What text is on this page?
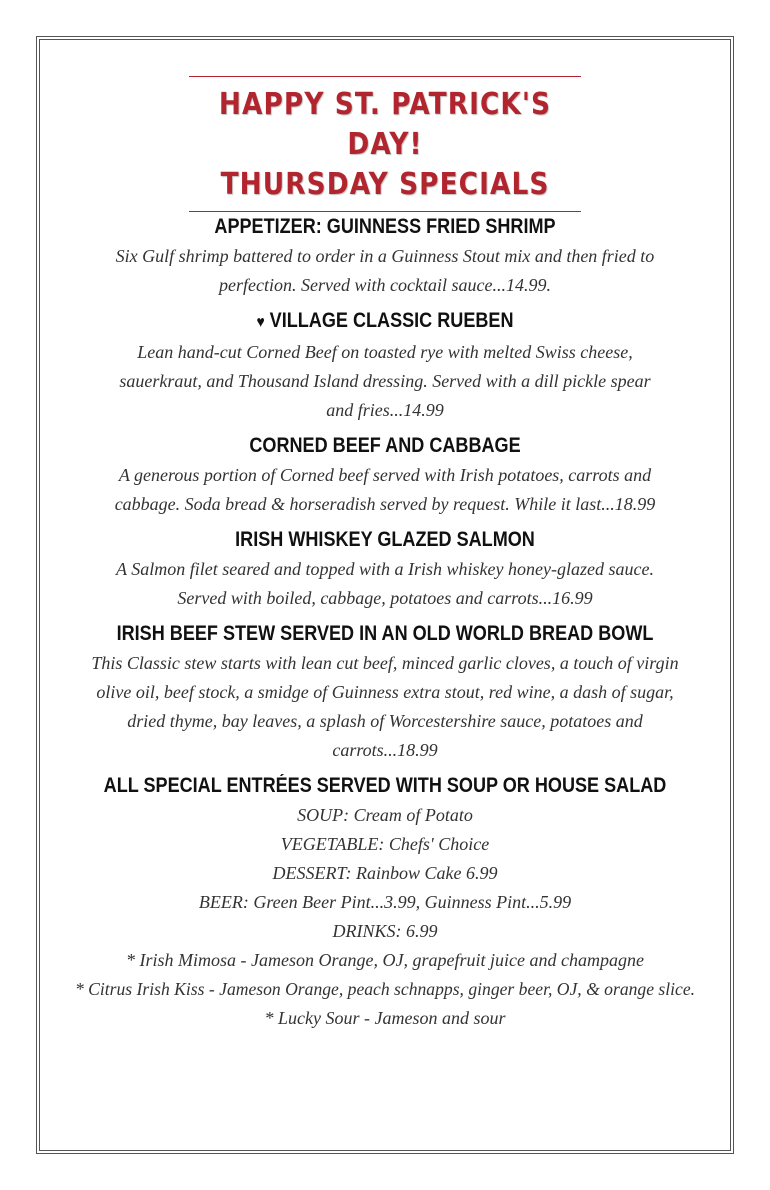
HAPPY ST. PATRICK'S DAY!
THURSDAY SPECIALS
APPETIZER: GUINNESS FRIED SHRIMP
Six Gulf shrimp battered to order in a Guinness Stout mix and then fried to perfection. Served with cocktail sauce...14.99.
♥ VILLAGE CLASSIC RUEBEN
Lean hand-cut Corned Beef on toasted rye with melted Swiss cheese, sauerkraut, and Thousand Island dressing. Served with a dill pickle spear and fries...14.99
CORNED BEEF AND CABBAGE
A generous portion of Corned beef served with Irish potatoes, carrots and cabbage. Soda bread & horseradish served by request. While it last...18.99
IRISH WHISKEY GLAZED SALMON
A Salmon filet seared and topped with a Irish whiskey honey-glazed sauce. Served with boiled, cabbage, potatoes and carrots...16.99
IRISH BEEF STEW SERVED IN AN OLD WORLD BREAD BOWL
This Classic stew starts with lean cut beef, minced garlic cloves, a touch of virgin olive oil, beef stock, a smidge of Guinness extra stout, red wine, a dash of sugar, dried thyme, bay leaves, a splash of Worcestershire sauce, potatoes and carrots...18.99
ALL SPECIAL ENTRÉES SERVED WITH SOUP OR HOUSE SALAD
SOUP: Cream of Potato
VEGETABLE: Chefs' Choice
DESSERT: Rainbow Cake 6.99
BEER: Green Beer Pint...3.99, Guinness Pint...5.99
DRINKS: 6.99
* Irish Mimosa - Jameson Orange, OJ, grapefruit juice and champagne
* Citrus Irish Kiss - Jameson Orange, peach schnapps, ginger beer, OJ, & orange slice.
* Lucky Sour - Jameson and sour
